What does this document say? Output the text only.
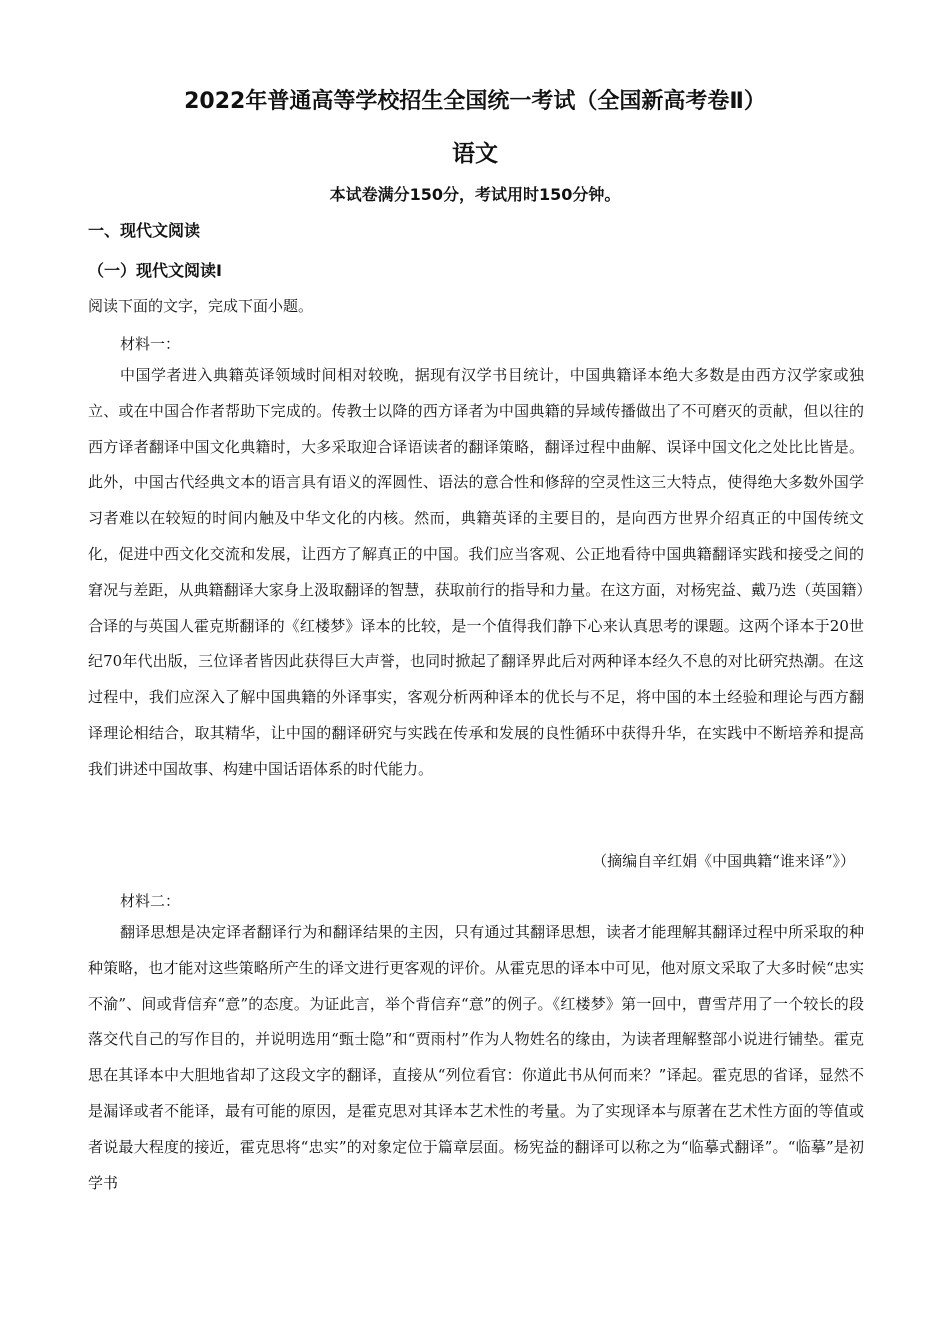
2022年普通高等学校招生全国统一考试（全国新高考卷Ⅱ）
语文
本试卷满分150分，考试用时150分钟。
一、现代文阅读
（一）现代文阅读Ⅰ
阅读下面的文字，完成下面小题。
材料一：

中国学者进入典籍英译领域时间相对较晚，据现有汉学书目统计，中国典籍译本绝大多数是由西方汉学家或独立、或在中国合作者帮助下完成的。传教士以降的西方译者为中国典籍的异域传播做出了不可磨灭的贡献，但以往的西方译者翻译中国文化典籍时，大多采取迎合译语读者的翻译策略，翻译过程中曲解、误译中国文化之处比比皆是。此外，中国古代经典文本的语言具有语义的浑圆性、语法的意合性和修辞的空灵性这三大特点，使得绝大多数外国学习者难以在较短的时间内触及中华文化的内核。然而，典籍英译的主要目的，是向西方世界介绍真正的中国传统文化，促进中西文化交流和发展，让西方了解真正的中国。我们应当客观、公正地看待中国典籍翻译实践和接受之间的窘况与差距，从典籍翻译大家身上汲取翻译的智慧，获取前行的指导和力量。在这方面，对杨宪益、戴乃迭（英国籍）合译的与英国人霍克斯翻译的《红楼梦》译本的比较，是一个值得我们静下心来认真思考的课题。这两个译本于20世纪70年代出版，三位译者皆因此获得巨大声誉，也同时掀起了翻译界此后对两种译本经久不息的对比研究热潮。在这过程中，我们应深入了解中国典籍的外译事实，客观分析两种译本的优长与不足，将中国的本土经验和理论与西方翻译理论相结合，取其精华，让中国的翻译研究与实践在传承和发展的良性循环中获得升华，在实践中不断培养和提高我们讲述中国故事、构建中国话语体系的时代能力。

（摘编自辛红娟《中国典籍“谁来译”》）
材料二：

翻译思想是决定译者翻译行为和翻译结果的主因，只有通过其翻译思想，读者才能理解其翻译过程中所采取的种种策略，也才能对这些策略所产生的译文进行更客观的评价。从霍克思的译本中可见，他对原文采取了大多时候“忠实不渝”、间或背信弃“意”的态度。为证此言，举个背信弃“意”的例子。《红楼梦》第一回中，曹雪芹用了一个较长的段落交代自己的写作目的，并说明选用“甄士隐”和“贾雨村”作为人物姓名的缘由，为读者理解整部小说进行铺垫。霍克思在其译本中大胆地省却了这段文字的翻译，直接从“列位看官：你道此书从何而来？”译起。霍克思的省译，显然不是漏译或者不能译，最有可能的原因，是霍克思对其译本艺术性的考量。为了实现译本与原著在艺术性方面的等值或者说最大程度的接近，霍克思将“忠实”的对象定位于篇章层面。杨宪益的翻译可以称之为“临摹式翻译”。“临摹”是初学书
